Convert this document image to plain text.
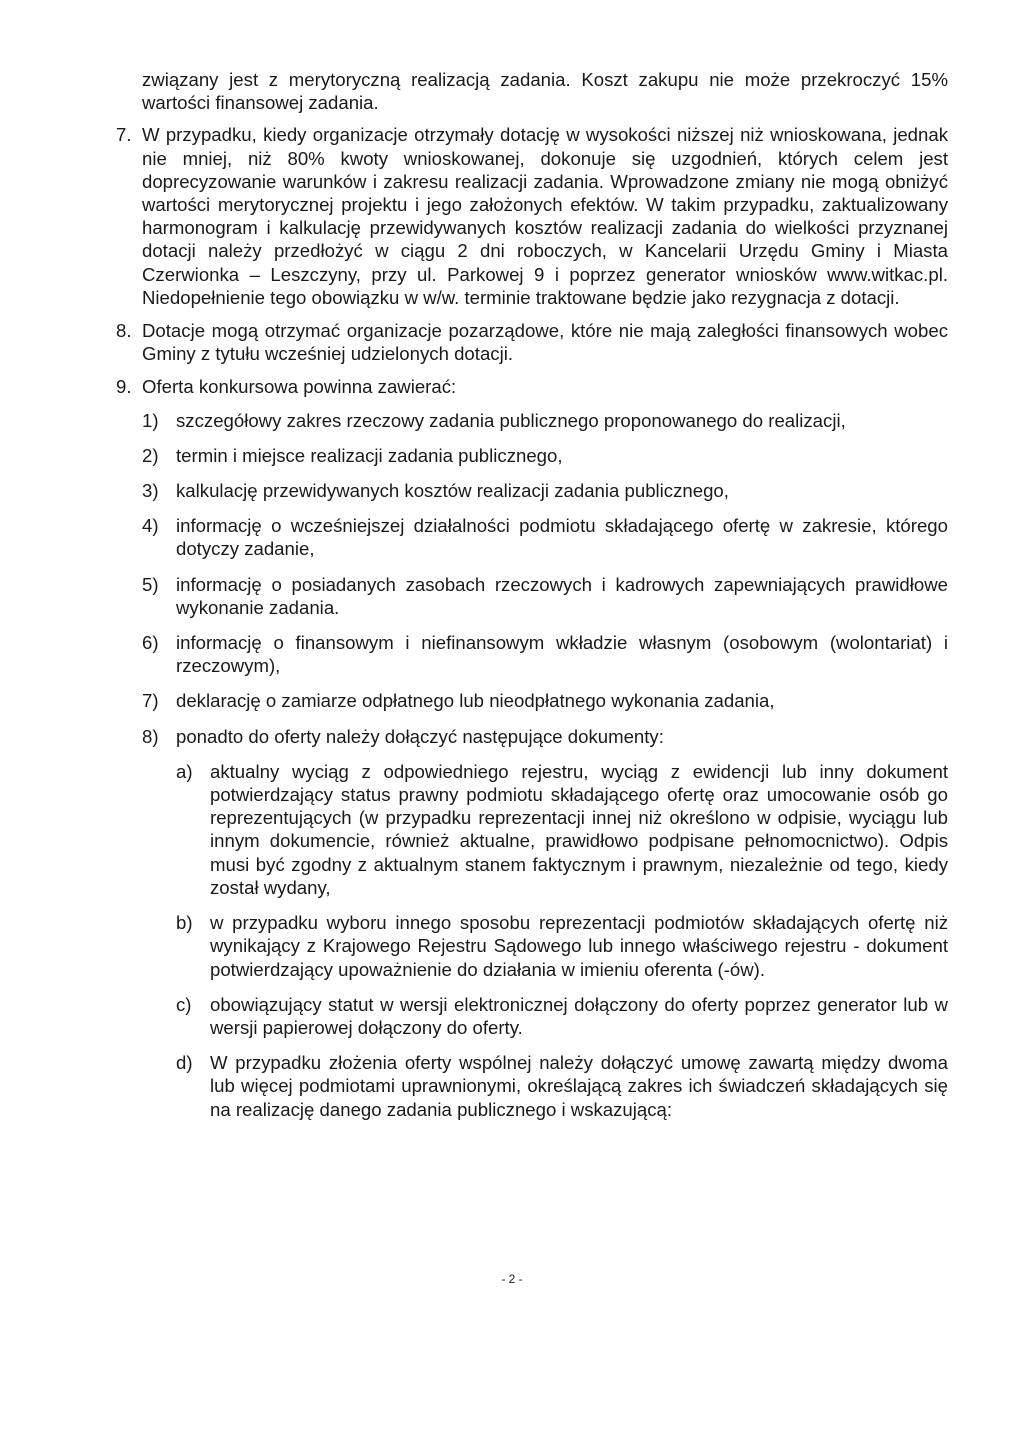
związany jest z merytoryczną realizacją zadania. Koszt zakupu nie może przekroczyć 15% wartości finansowej zadania.

7. W przypadku, kiedy organizacje otrzymały dotację w wysokości niższej niż wnioskowana, jednak nie mniej, niż 80% kwoty wnioskowanej, dokonuje się uzgodnień, których celem jest doprecyzowanie warunków i zakresu realizacji zadania. Wprowadzone zmiany nie mogą obniżyć wartości merytorycznej projektu i jego założonych efektów. W takim przypadku, zaktualizowany harmonogram i kalkulację przewidywanych kosztów realizacji zadania do wielkości przyznanej dotacji należy przedłożyć w ciągu 2 dni roboczych, w Kancelarii Urzędu Gminy i Miasta Czerwionka – Leszczyny, przy ul. Parkowej 9 i poprzez generator wniosków www.witkac.pl. Niedopełnienie tego obowiązku w w/w. terminie traktowane będzie jako rezygnacja z dotacji.

8. Dotacje mogą otrzymać organizacje pozarządowe, które nie mają zaległości finansowych wobec Gminy z tytułu wcześniej udzielonych dotacji.

9. Oferta konkursowa powinna zawierać:

1) szczegółowy zakres rzeczowy zadania publicznego proponowanego do realizacji,

2) termin i miejsce realizacji zadania publicznego,

3) kalkulację przewidywanych kosztów realizacji zadania publicznego,

4) informację o wcześniejszej działalności podmiotu składającego ofertę w zakresie, którego dotyczy zadanie,

5) informację o posiadanych zasobach rzeczowych i kadrowych zapewniających prawidłowe wykonanie zadania.

6) informację o finansowym i niefinansowym wkładzie własnym (osobowym (wolontariat) i rzeczowym),

7) deklarację o zamiarze odpłatnego lub nieodpłatnego wykonania zadania,

8) ponadto do oferty należy dołączyć następujące dokumenty:

a) aktualny wyciąg z odpowiedniego rejestru, wyciąg z ewidencji lub inny dokument potwierdzający status prawny podmiotu składającego ofertę oraz umocowanie osób go reprezentujących (w przypadku reprezentacji innej niż określono w odpisie, wyciągu lub innym dokumencie, również aktualne, prawidłowo podpisane pełnomocnictwo). Odpis musi być zgodny z aktualnym stanem faktycznym i prawnym, niezależnie od tego, kiedy został wydany,

b) w przypadku wyboru innego sposobu reprezentacji podmiotów składających ofertę niż wynikający z Krajowego Rejestru Sądowego lub innego właściwego rejestru - dokument potwierdzający upoważnienie do działania w imieniu oferenta (-ów).

c) obowiązujący statut w wersji elektronicznej dołączony do oferty poprzez generator lub w wersji papierowej dołączony do oferty.

d) W przypadku złożenia oferty wspólnej należy dołączyć umowę zawartą między dwoma lub więcej podmiotami uprawnionymi, określającą zakres ich świadczeń składających się na realizację danego zadania publicznego i wskazującą:

- 2 -
